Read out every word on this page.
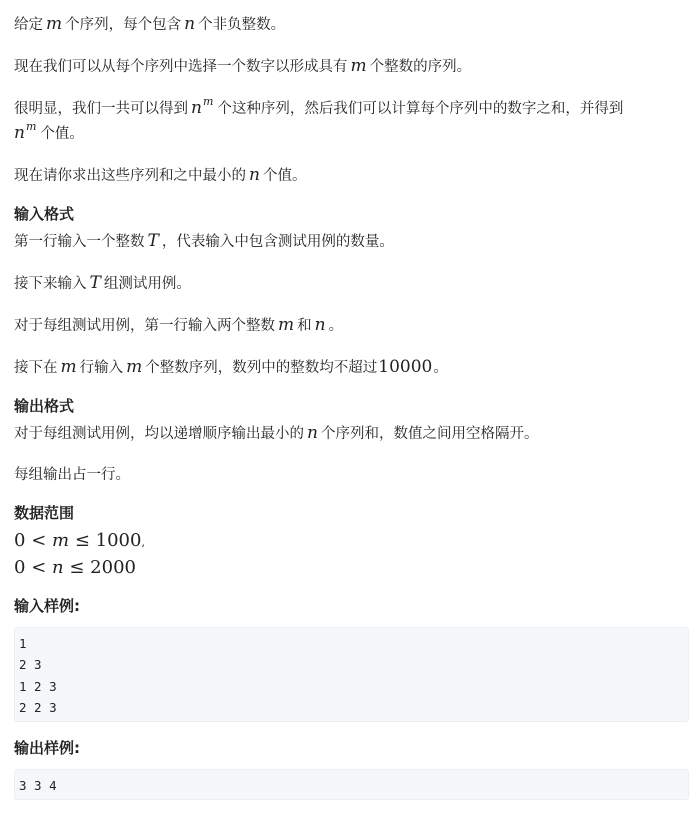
给定 m 个序列，每个包含 n 个非负整数。

现在我们可以从每个序列中选择一个数字以形成具有 m 个整数的序列。

很明显，我们一共可以得到 $n^m$ 个这种序列，然后我们可以计算每个序列中的数字之和，并得到
$n^m$ 个值。

现在请你求出这些序列和之中最小的 n 个值。

输入格式

第一行输入一个整数 T ，代表输入中包含测试用例的数量。

接下来输入 T 组测试用例。

对于每组测试用例，第一行输入两个整数 m 和 n 。

接下在 m 行输入 m 个整数序列，数列中的整数均不超过10000。

输出格式

对于每组测试用例，均以递增顺序输出最小的 n 个序列和，数值之间用空格隔开。

每组输出占一行。

数据范围
0 < m ≤ 1000,
0 < n ≤ 2000
输入样例:
1
2 3
1 2 3
2 2 3
输出样例:
3 3 4
